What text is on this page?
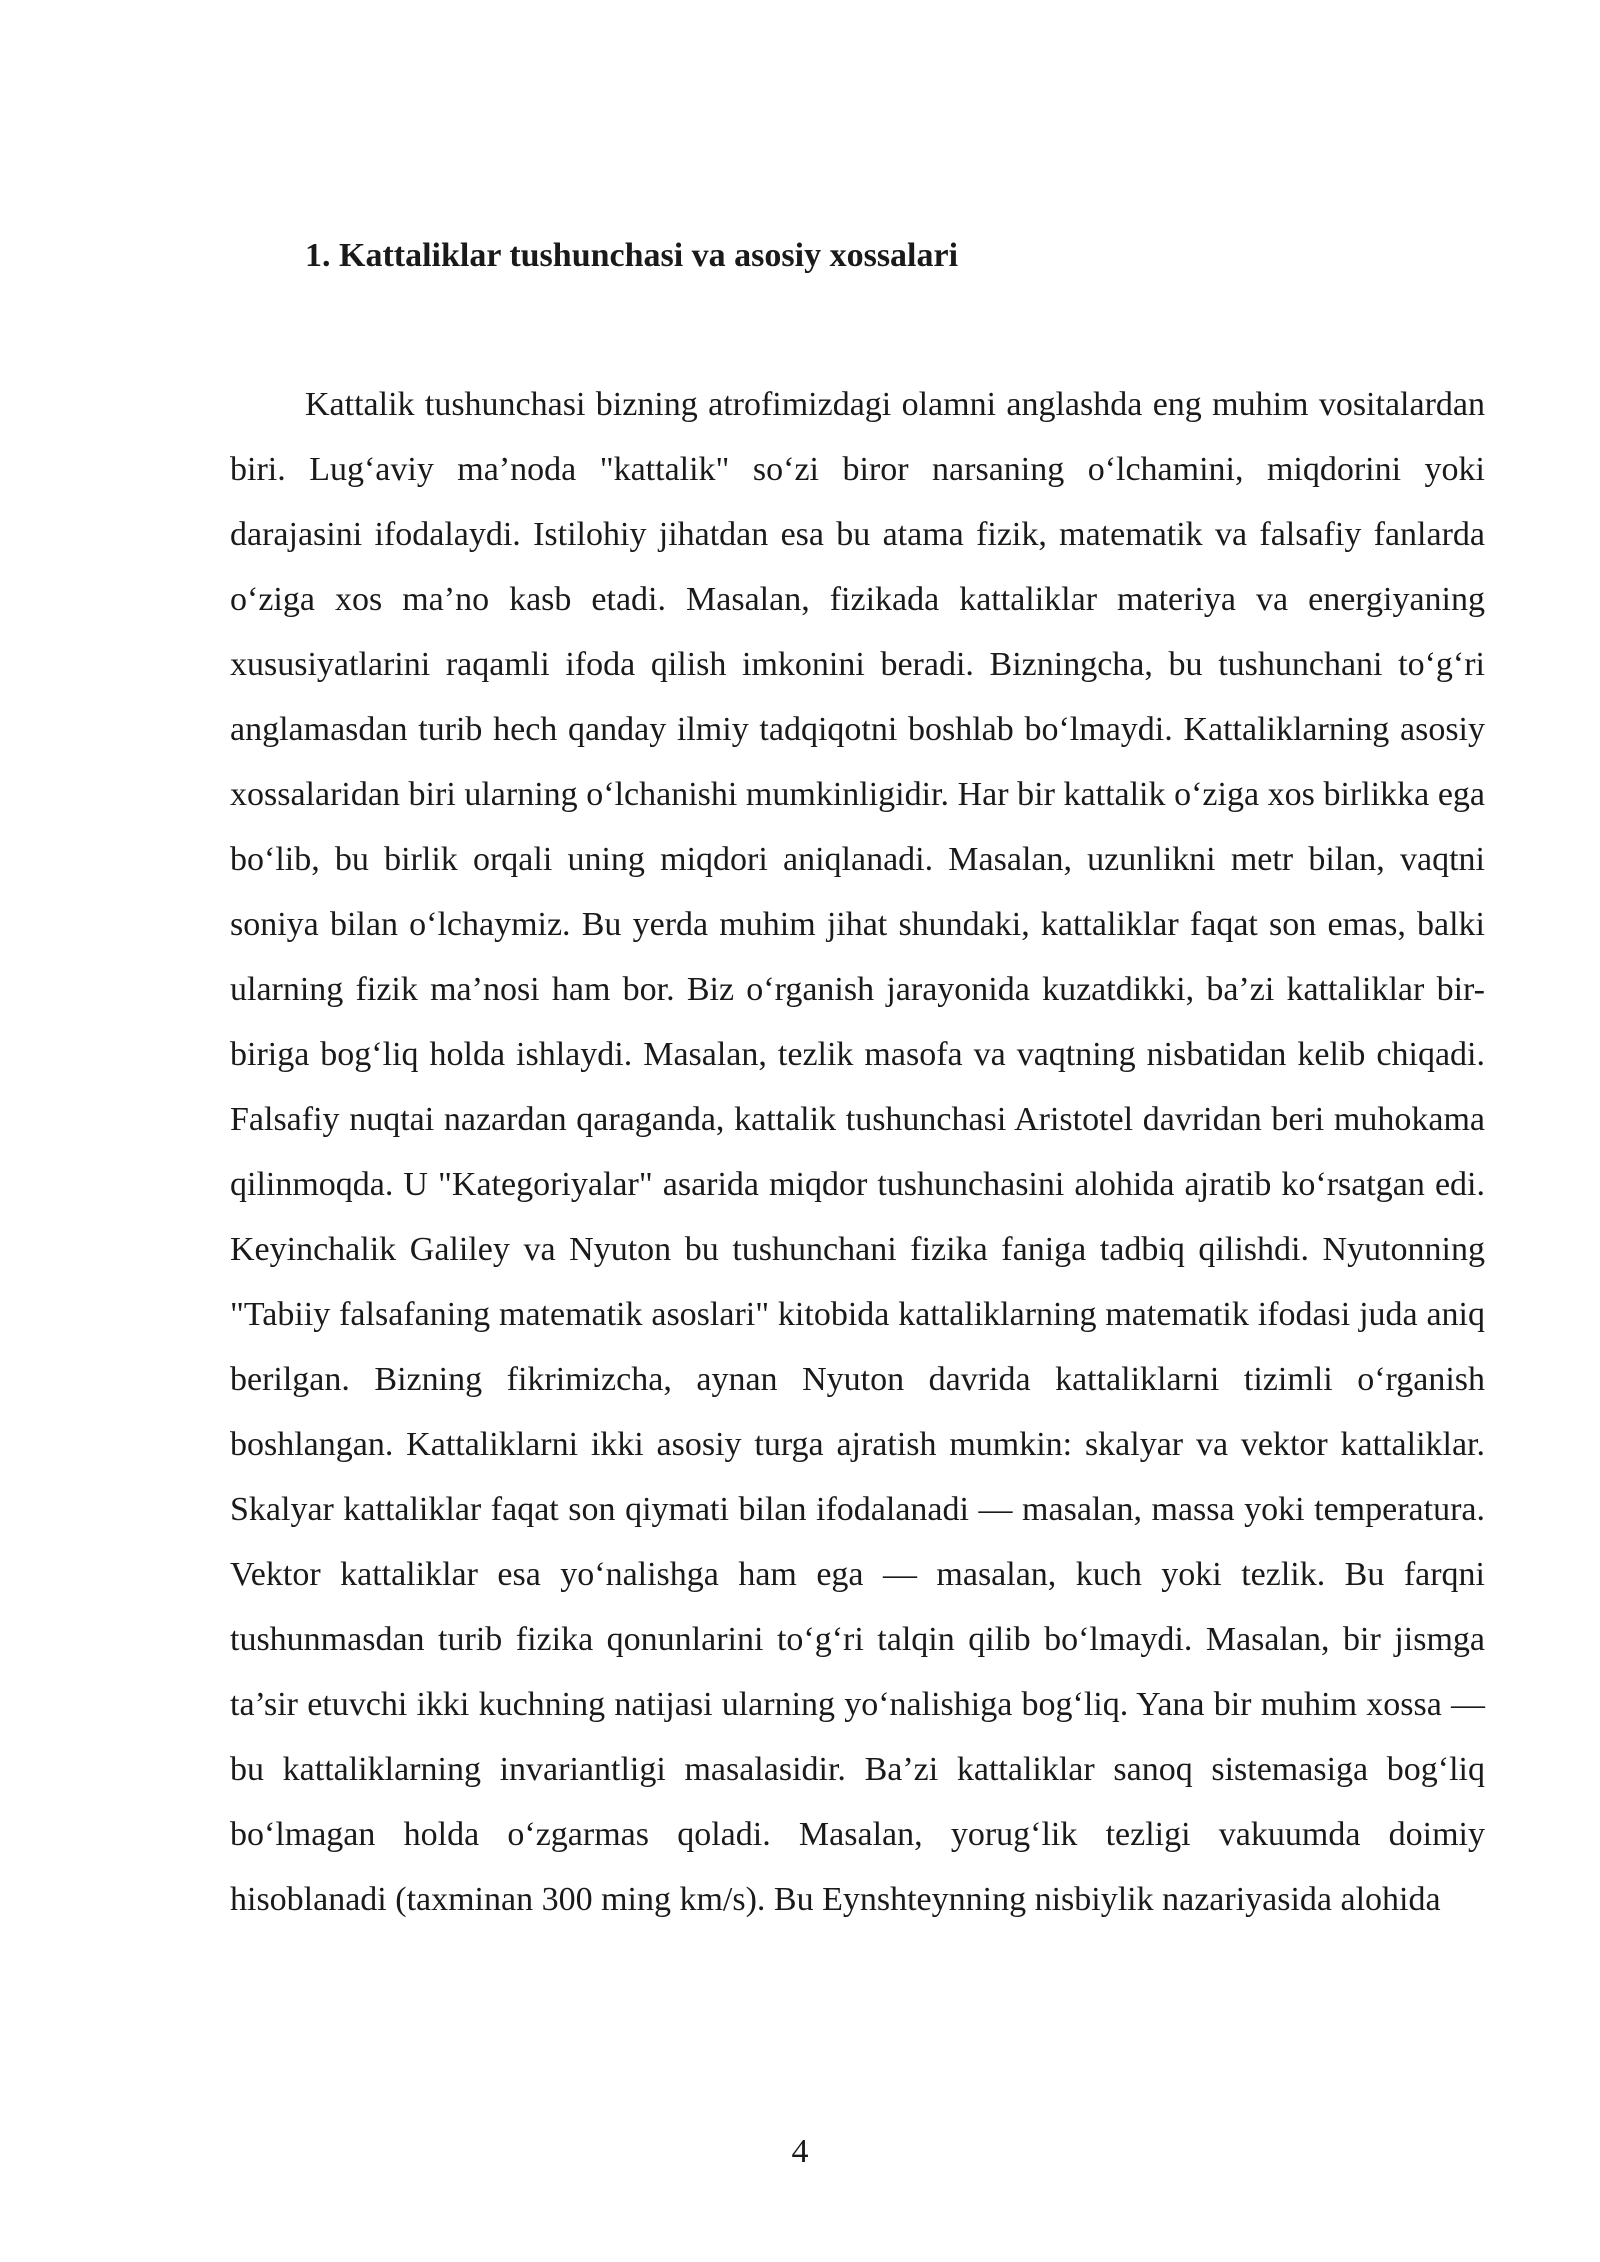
1. Kattaliklar tushunchasi va asosiy xossalari

Kattalik tushunchasi bizning atrofimizdagi olamni anglashda eng muhim vositalardan biri. Lug‘aviy ma’noda "kattalik" so‘zi biror narsaning o‘lchamini, miqdorini yoki darajasini ifodalaydi. Istilohiy jihatdan esa bu atama fizik, matematik va falsafiy fanlarda o‘ziga xos ma’no kasb etadi. Masalan, fizikada kattaliklar materiya va energiyaning xususiyatlarini raqamli ifoda qilish imkonini beradi. Bizningcha, bu tushunchani to‘g‘ri anglamasdan turib hech qanday ilmiy tadqiqotni boshlab bo‘lmaydi. Kattaliklarning asosiy xossalaridan biri ularning o‘lchanishi mumkinligidir. Har bir kattalik o‘ziga xos birlikka ega bo‘lib, bu birlik orqali uning miqdori aniqlanadi. Masalan, uzunlikni metr bilan, vaqtni soniya bilan o‘lchaymiz. Bu yerda muhim jihat shundaki, kattaliklar faqat son emas, balki ularning fizik ma’nosi ham bor. Biz o‘rganish jarayonida kuzatdikki, ba’zi kattaliklar bir-biriga bog‘liq holda ishlaydi. Masalan, tezlik masofa va vaqtning nisbatidan kelib chiqadi. Falsafiy nuqtai nazardan qaraganda, kattalik tushunchasi Aristotel davridan beri muhokama qilinmoqda. U "Kategoriyalar" asarida miqdor tushunchasini alohida ajratib ko‘rsatgan edi. Keyinchalik Galiley va Nyuton bu tushunchani fizika faniga tadbiq qilishdi. Nyutonning "Tabiiy falsafaning matematik asoslari" kitobida kattaliklarning matematik ifodasi juda aniq berilgan. Bizning fikrimizcha, aynan Nyuton davrida kattaliklarni tizimli o‘rganish boshlangan. Kattaliklarni ikki asosiy turga ajratish mumkin: skalyar va vektor kattaliklar. Skalyar kattaliklar faqat son qiymati bilan ifodalanadi — masalan, massa yoki temperatura. Vektor kattaliklar esa yo‘nalishga ham ega — masalan, kuch yoki tezlik. Bu farqni tushunmasdan turib fizika qonunlarini to‘g‘ri talqin qilib bo‘lmaydi. Masalan, bir jismga ta’sir etuvchi ikki kuchning natijasi ularning yo‘nalishiga bog‘liq. Yana bir muhim xossa — bu kattaliklarning invariantligi masalasidir. Ba’zi kattaliklar sanoq sistemasiga bog‘liq bo‘lmagan holda o‘zgarmas qoladi. Masalan, yorug‘lik tezligi vakuumda doimiy hisoblanadi (taxminan 300 ming km/s). Bu Eynshteynning nisbiylik nazariyasida alohida

4
